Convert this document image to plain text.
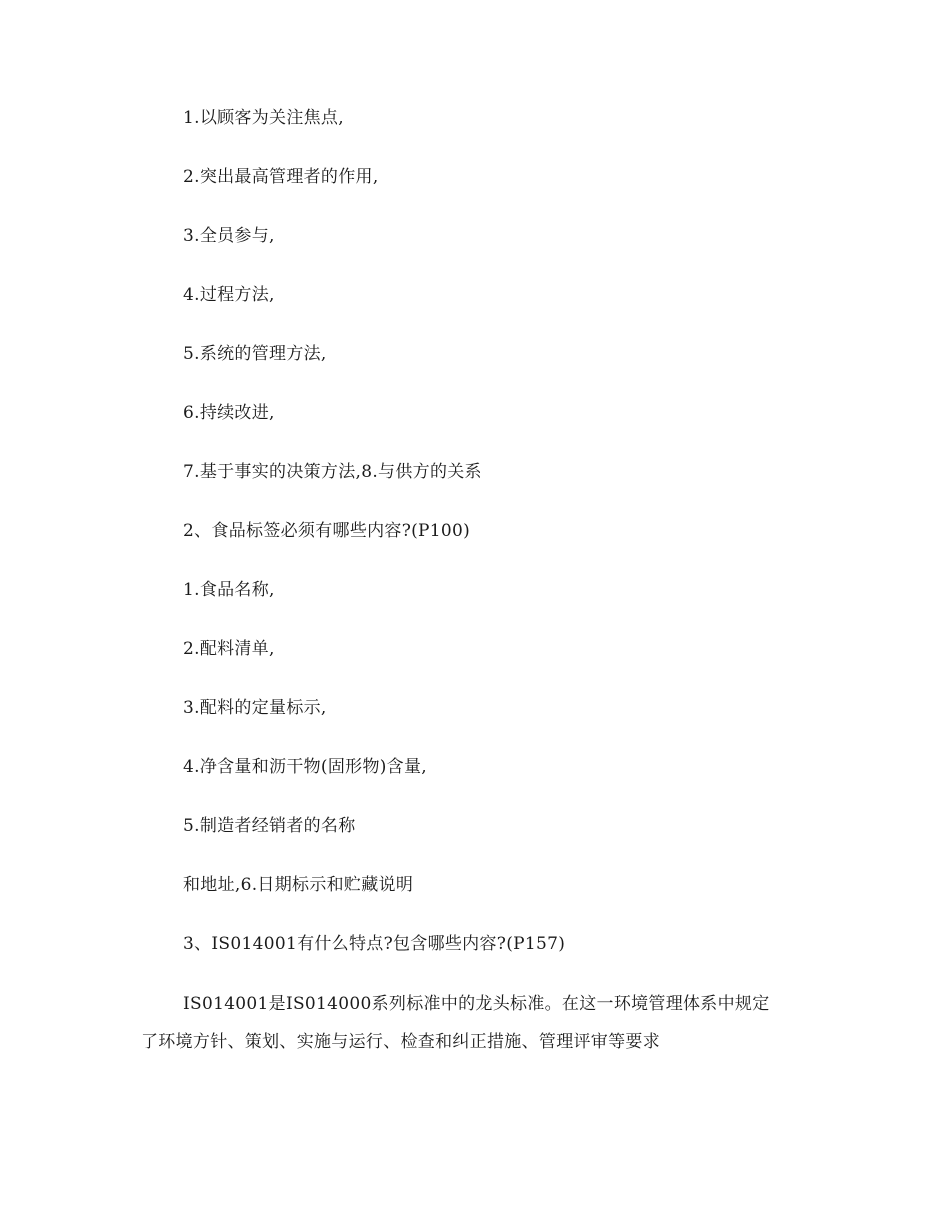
1.以顾客为关注焦点,
2.突出最高管理者的作用,
3.全员参与,
4.过程方法,
5.系统的管理方法,
6.持续改进,
7.基于事实的决策方法,8.与供方的关系
2、食品标签必须有哪些内容?(P100)
1.食品名称,
2.配料清单,
3.配料的定量标示,
4.净含量和沥干物(固形物)含量,
5.制造者经销者的名称
和地址,6.日期标示和贮藏说明
3、IS014001有什么特点?包含哪些内容?(P157)
IS014001是IS014000系列标准中的龙头标准。在这一环境管理体系中规定
了环境方针、策划、实施与运行、检查和纠正措施、管理评审等要求
